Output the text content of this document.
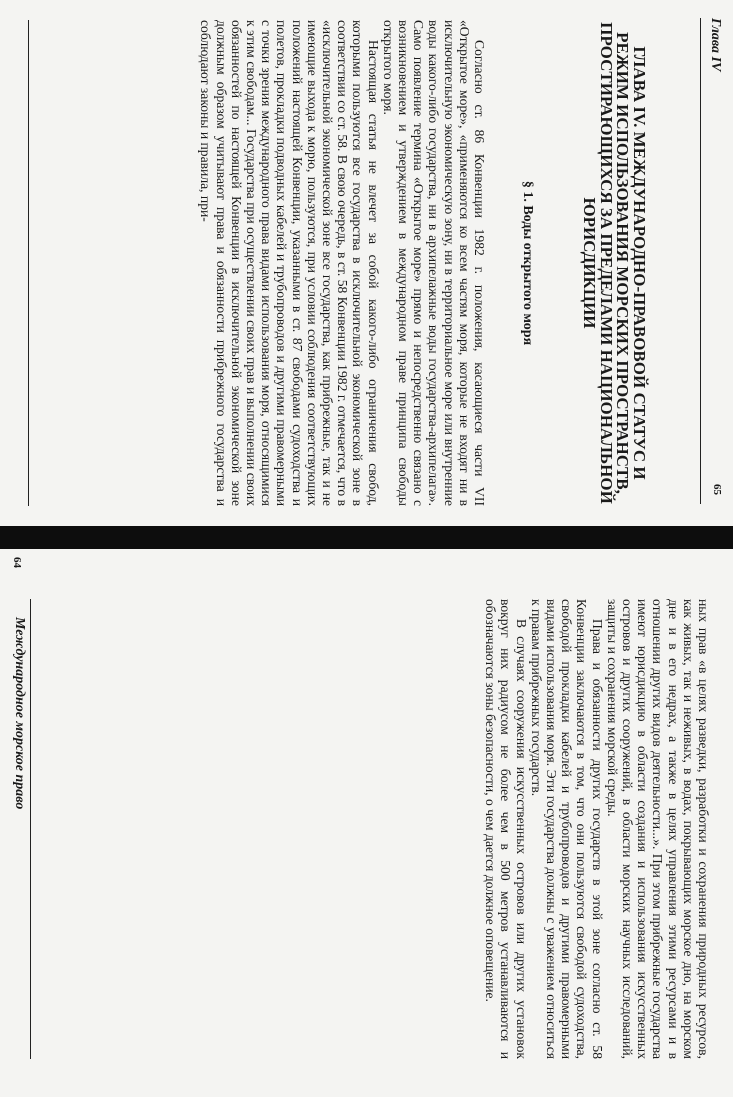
Глава IV
65
ГЛАВА IV. МЕЖДУНАРОДНО-ПРАВОВОЙ СТАТУС И РЕЖИМ ИСПОЛЬЗОВАНИЯ МОРСКИХ ПРОСТРАНСТВ, ПРОСТИРАЮЩИХСЯ ЗА ПРЕДЕЛАМИ НАЦИОНАЛЬНОЙ ЮРИСДИКЦИИ
§ 1. Воды открытого моря

Согласно ст. 86 Конвенции 1982 г. положения, касающиеся части VII «Открытое море», «применяются ко всем частям моря, которые не входят ни в исключительную экономическую зону, ни в территориальное море или внутренние воды какого-либо государства, ни в архипелажные воды государства-архипелага». Само появление термина «Открытое море» прямо и непосредственно связано с возникновением и утверждением в международном праве принципа свободы открытого моря.

Настоящая статья не влечет за собой какого-либо ограничения свобод, которыми пользуются все государства в исключительной экономической зоне в соответствии со ст. 58. В свою очередь, в ст. 58 Конвенции 1982 г. отмечается, что в «исключительной экономической зоне все государства, как прибрежные, так и не имеющие выхода к морю, пользуются, при условии соблюдения соответствующих положений настоящей Конвенции, указанными в ст. 87 свободами судоходства и полетов, прокладки подводных кабелей и трубопроводов и другими правомерными с точки зрения международного права видами использования моря, относящимися к этим свободам... Государства при осуществлении своих прав и выполнении своих обязанностей по настоящей Конвенции в исключительной экономической зоне должным образом учитывают права и обязанности прибрежного государства и соблюдают законы и правила, при-

64

ных прав «в целях разведки, разработки и сохранения природных ресурсов, как живых, так и неживых, в водах, покрывающих морское дно, на морском дне и в его недрах, а также в целях управления этими ресурсами и в отношении других видов деятельности...». При этом прибрежные государства имеют юрисдикцию в области создания и использования искусственных островов и других сооружений, в области морских научных исследований, защиты и сохранения морской среды.

Права и обязанности других государств в этой зоне согласно ст. 58 Конвенции заключаются в том, что они пользуются свободой судоходства, свободой прокладки кабелей и трубопроводов и другими правомерными видами использования моря. Эти государства должны с уважением относиться к правам прибрежных государств.

В случаях сооружения искусственных островов или других установок вокруг них радиусом не более чем в 500 метров устанавливаются и обозначаются зоны безопасности, о чем дается должное оповещение.

Международное морское право
